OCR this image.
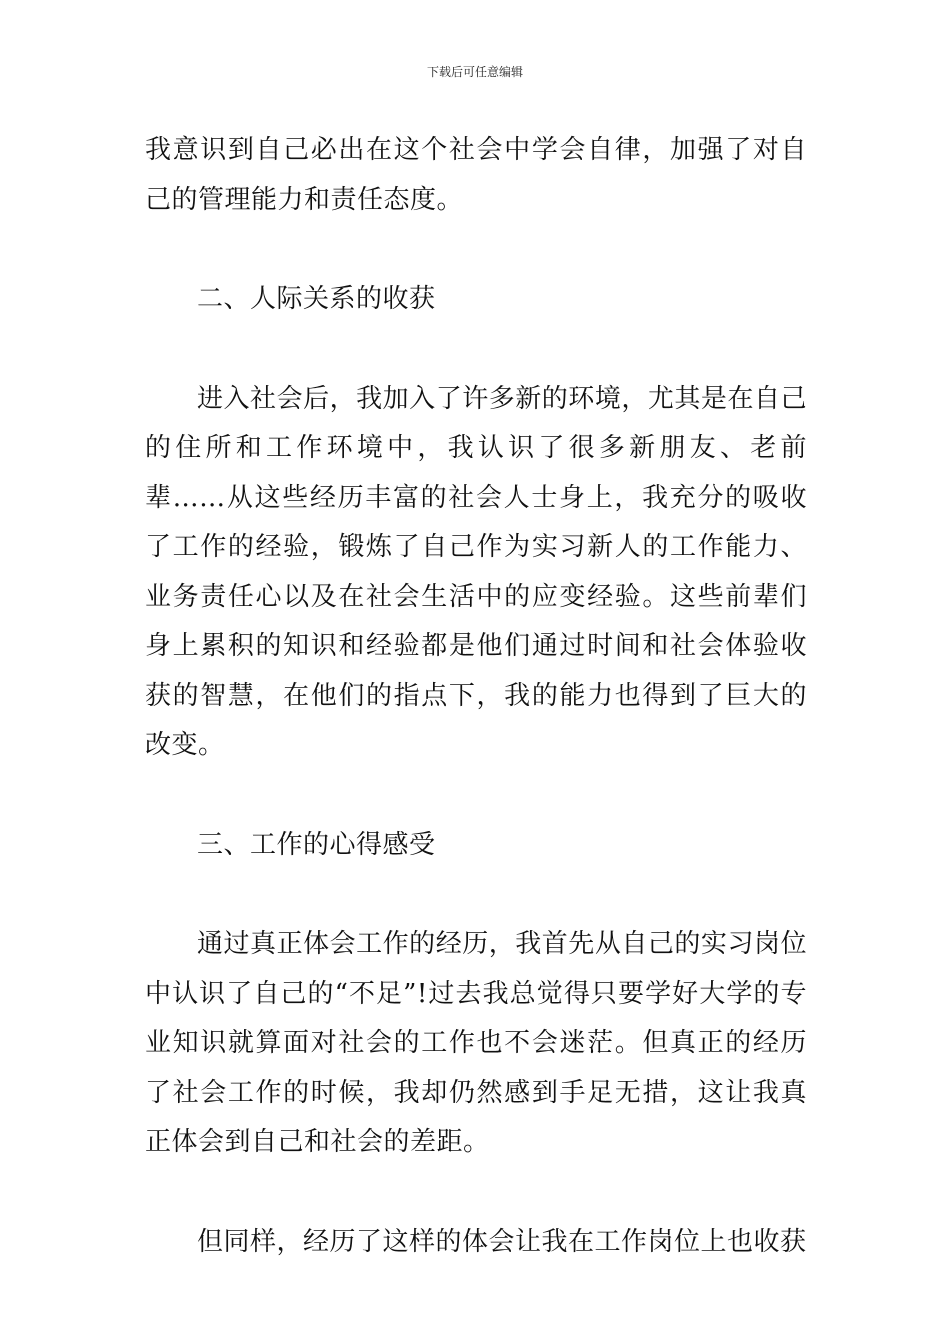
下载后可任意编辑

我意识到自己必出在这个社会中学会自律，加强了对自己的管理能力和责任态度。

二、人际关系的收获

进入社会后，我加入了许多新的环境，尤其是在自己的住所和工作环境中，我认识了很多新朋友、老前辈……从这些经历丰富的社会人士身上，我充分的吸收了工作的经验，锻炼了自己作为实习新人的工作能力、业务责任心以及在社会生活中的应变经验。这些前辈们身上累积的知识和经验都是他们通过时间和社会体验收获的智慧，在他们的指点下，我的能力也得到了巨大的改变。

三、工作的心得感受

通过真正体会工作的经历，我首先从自己的实习岗位中认识了自己的“不足”!过去我总觉得只要学好大学的专业知识就算面对社会的工作也不会迷茫。但真正的经历了社会工作的时候，我却仍然感到手足无措，这让我真正体会到自己和社会的差距。

但同样，经历了这样的体会让我在工作岗位上也收获
